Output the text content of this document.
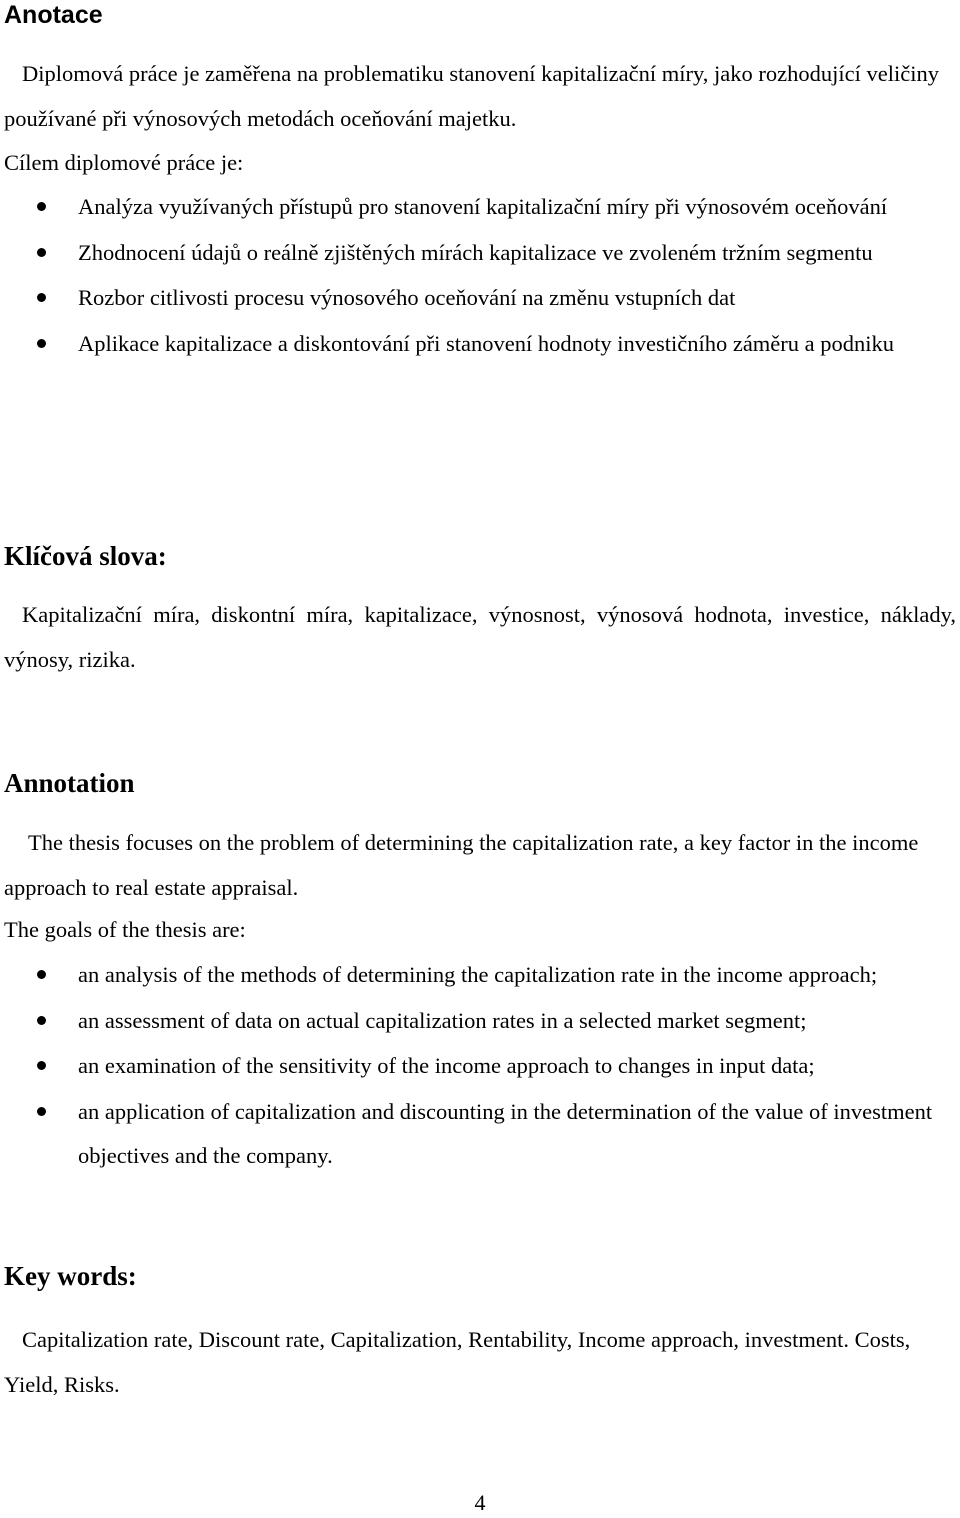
Anotace

Diplomová práce je zaměřena na problematiku stanovení kapitalizační míry, jako rozhodující veličiny používané při výnosových metodách oceňování majetku.

Cílem diplomové práce je:

Analýza využívaných přístupů pro stanovení kapitalizační míry při výnosovém oceňování
Zhodnocení údajů o reálně zjištěných mírách kapitalizace ve zvoleném tržním segmentu
Rozbor citlivosti procesu výnosového oceňování na změnu vstupních dat
Aplikace kapitalizace a diskontování při stanovení hodnoty investičního záměru a podniku
Klíčová slova:

Kapitalizační míra, diskontní míra, kapitalizace, výnosnost, výnosová hodnota, investice, náklady, výnosy, rizika.

Annotation

The thesis focuses on the problem of determining the capitalization rate, a key factor in the income approach to real estate appraisal.

The goals of the thesis are:

an analysis of the methods of determining the capitalization rate in the income approach;
an assessment of data on actual capitalization rates in a selected market segment;
an examination of the sensitivity of the income approach to changes in input data;
an application of capitalization and discounting in the determination of the value of investment objectives and the company.
Key words:

Capitalization rate, Discount rate, Capitalization, Rentability, Income approach, investment. Costs, Yield, Risks.

4
